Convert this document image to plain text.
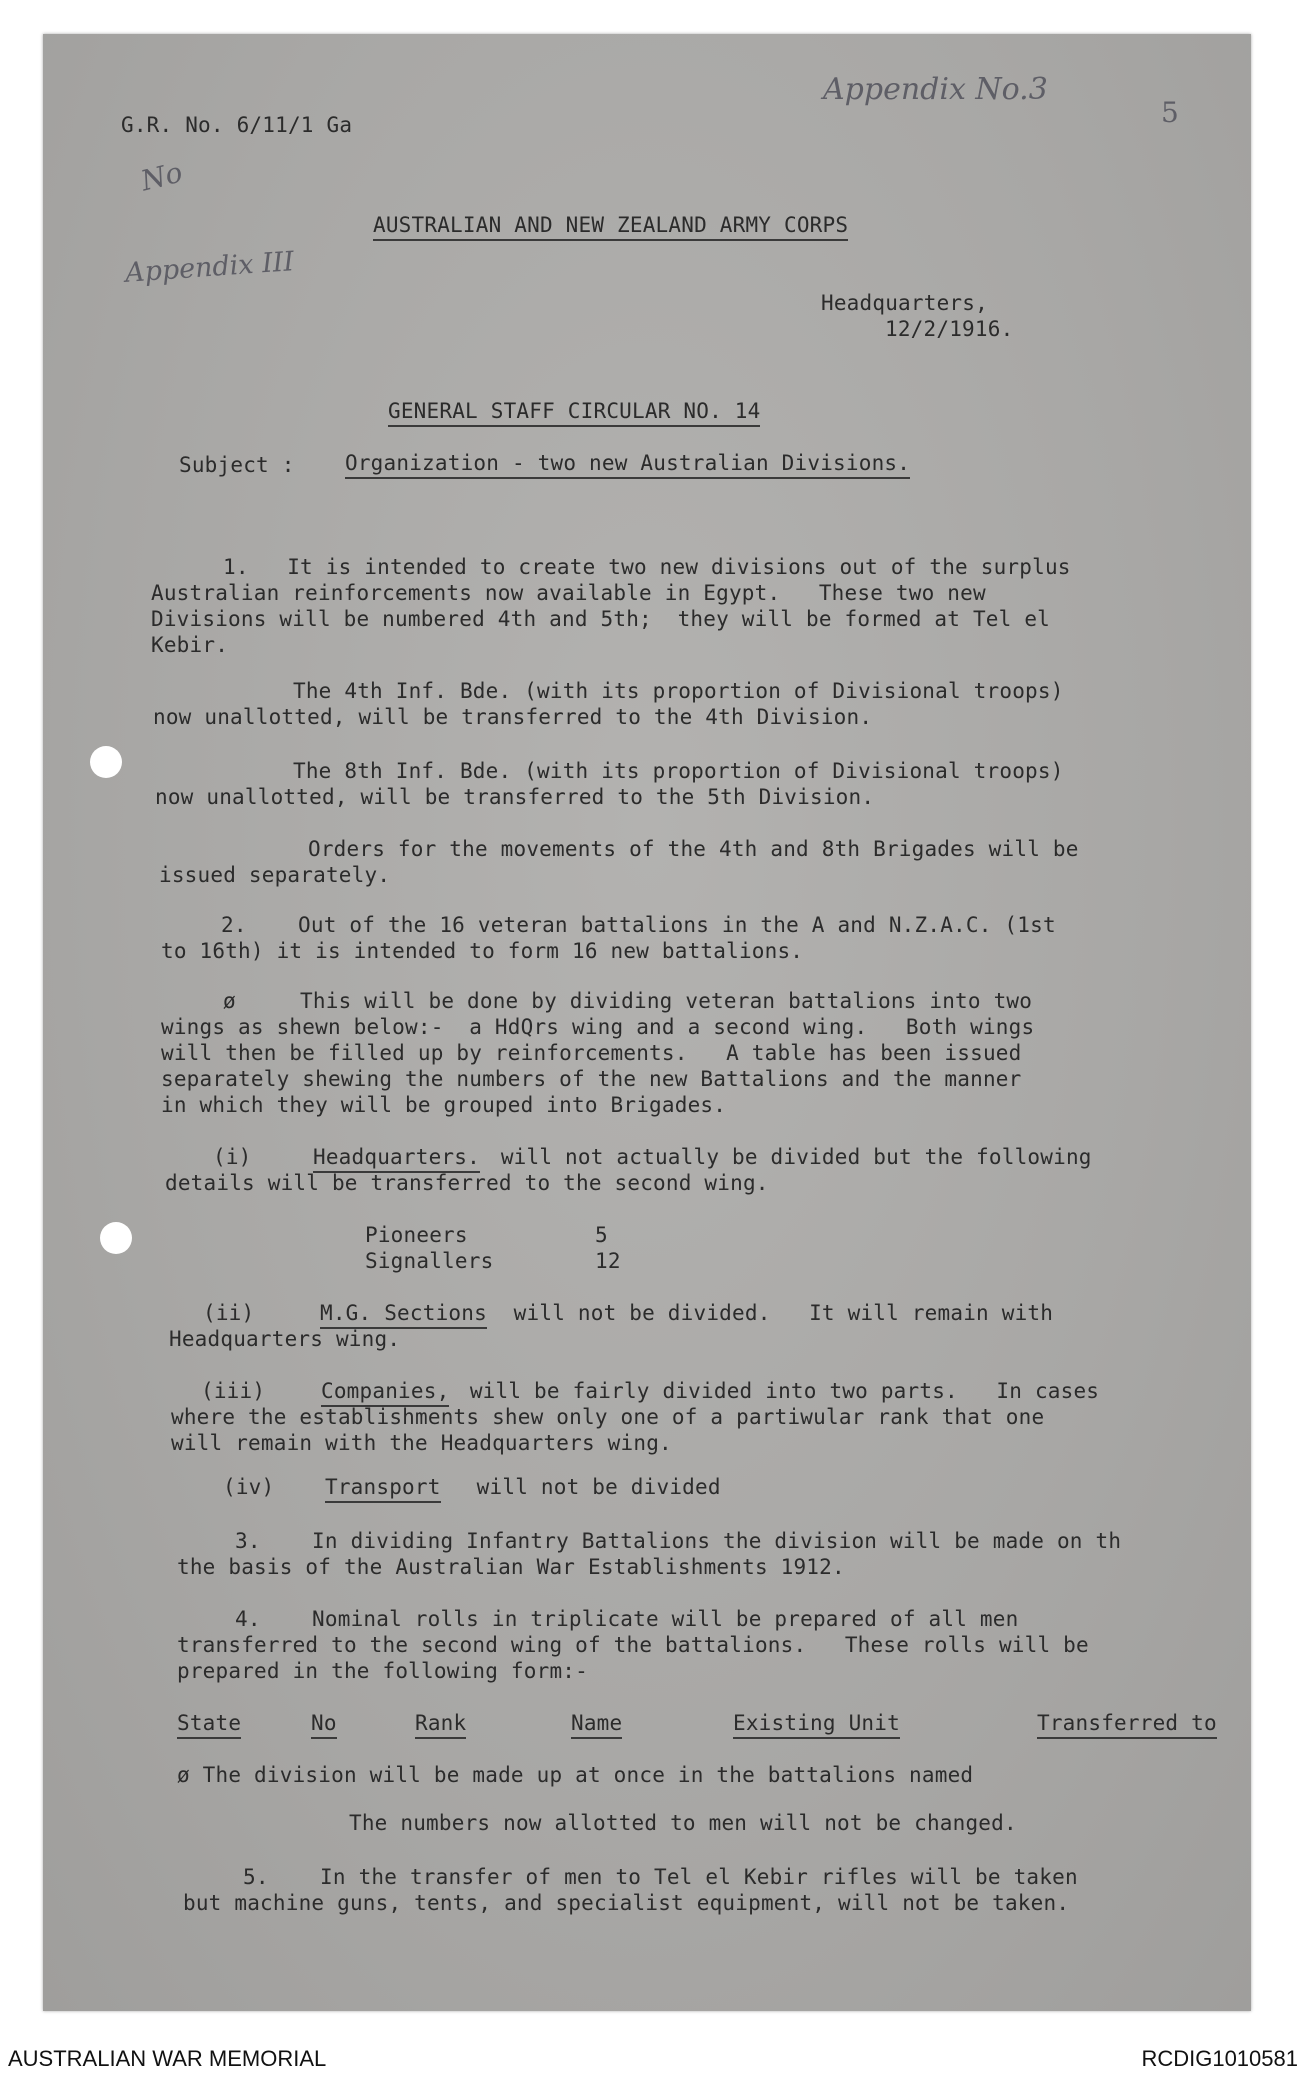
Appendix No.3
5
No
Appendix III
G.R. No. 6/11/1 Ga
AUSTRALIAN AND NEW ZEALAND ARMY CORPS
Headquarters,
12/2/1916.
GENERAL STAFF CIRCULAR NO. 14
Subject : Organization - two new Australian Divisions.
1.   It is intended to create two new divisions out of the surplus
Australian reinforcements now available in Egypt.   These two new
Divisions will be numbered 4th and 5th;  they will be formed at Tel el
Kebir.
The 4th Inf. Bde. (with its proportion of Divisional troops)
now unallotted, will be transferred to the 4th Division.
The 8th Inf. Bde. (with its proportion of Divisional troops)
now unallotted, will be transferred to the 5th Division.
Orders for the movements of the 4th and 8th Brigades will be
issued separately.
2.    Out of the 16 veteran battalions in the A and N.Z.A.C. (1st
to 16th) it is intended to form 16 new battalions.
ø     This will be done by dividing veteran battalions into two
wings as shewn below:-  a HdQrs wing and a second wing.   Both wings
will then be filled up by reinforcements.   A table has been issued
separately shewing the numbers of the new Battalions and the manner
in which they will be grouped into Brigades.
(i)	Headquarters. will not actually be divided but the following
details will be transferred to the second wing.
Pioneers	5
Signallers	12
(ii)	M.G. Sections will not be divided.   It will remain with
Headquarters wing.
(iii)	Companies, will be fairly divided into two parts.   In cases
where the establishments shew only one of a partiwular rank that one
will remain with the Headquarters wing.
(iv) Transport will not be divided
3.    In dividing Infantry Battalions the division will be made on th
the basis of the Australian War Establishments 1912.
4.    Nominal rolls in triplicate will be prepared of all men
transferred to the second wing of the battalions.   These rolls will be
prepared in the following form:-
State	No	Rank	Name	Existing Unit	Transferred to
ø The division will be made up at once in the battalions named
The numbers now allotted to men will not be changed.
5.    In the transfer of men to Tel el Kebir rifles will be taken
but machine guns, tents, and specialist equipment, will not be taken.
AUSTRALIAN WAR MEMORIAL	RCDIG1010581
